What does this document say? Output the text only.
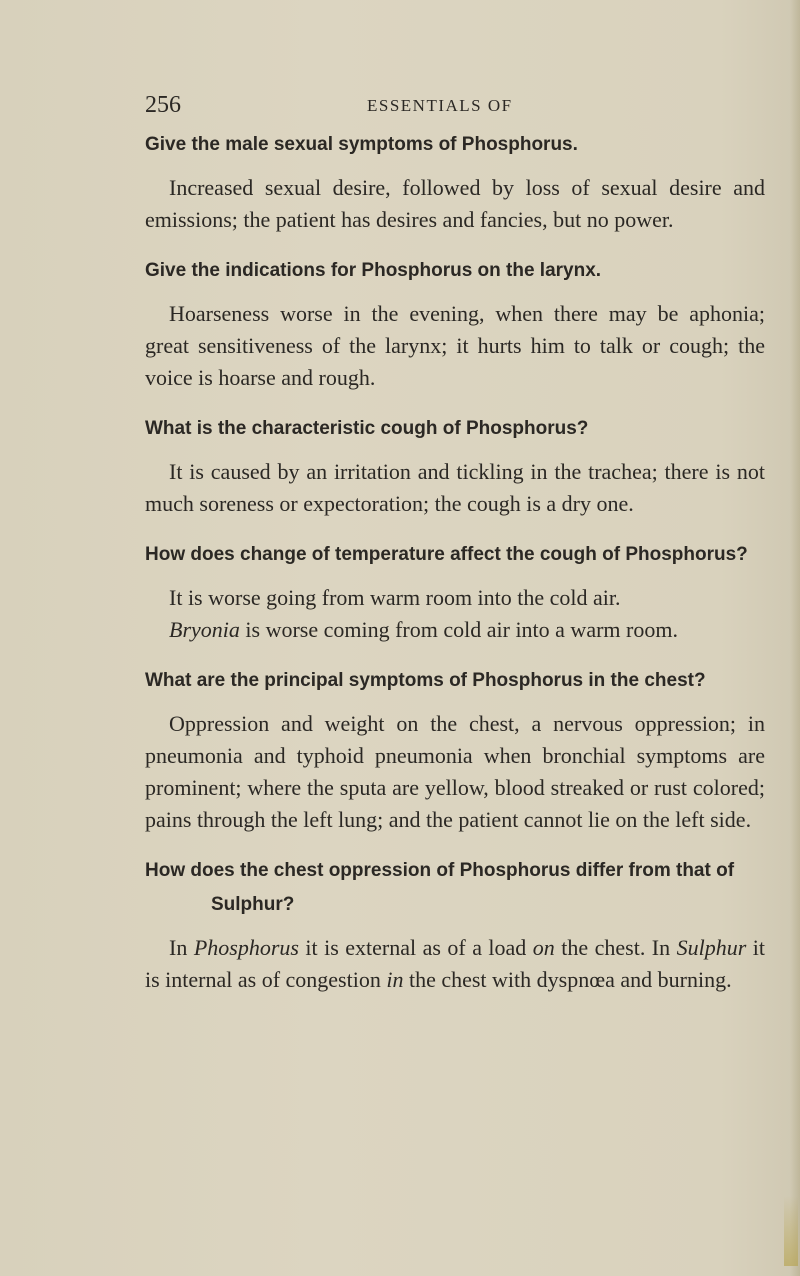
256	ESSENTIALS OF

Give the male sexual symptoms of Phosphorus.

Increased sexual desire, followed by loss of sexual desire and emissions; the patient has desires and fancies, but no power.

Give the indications for Phosphorus on the larynx.

Hoarseness worse in the evening, when there may be aphonia; great sensitiveness of the larynx; it hurts him to talk or cough; the voice is hoarse and rough.

What is the characteristic cough of Phosphorus?

It is caused by an irritation and tickling in the trachea; there is not much soreness or expectoration; the cough is a dry one.

How does change of temperature affect the cough of Phosphorus?

It is worse going from warm room into the cold air.
Bryonia is worse coming from cold air into a warm room.

What are the principal symptoms of Phosphorus in the chest?

Oppression and weight on the chest, a nervous oppression; in pneumonia and typhoid pneumonia when bronchial symptoms are prominent; where the sputa are yellow, blood streaked or rust colored; pains through the left lung; and the patient cannot lie on the left side.

How does the chest oppression of Phosphorus differ from that of Sulphur?

In Phosphorus it is external as of a load on the chest. In Sulphur it is internal as of congestion in the chest with dyspnœa and burning.
